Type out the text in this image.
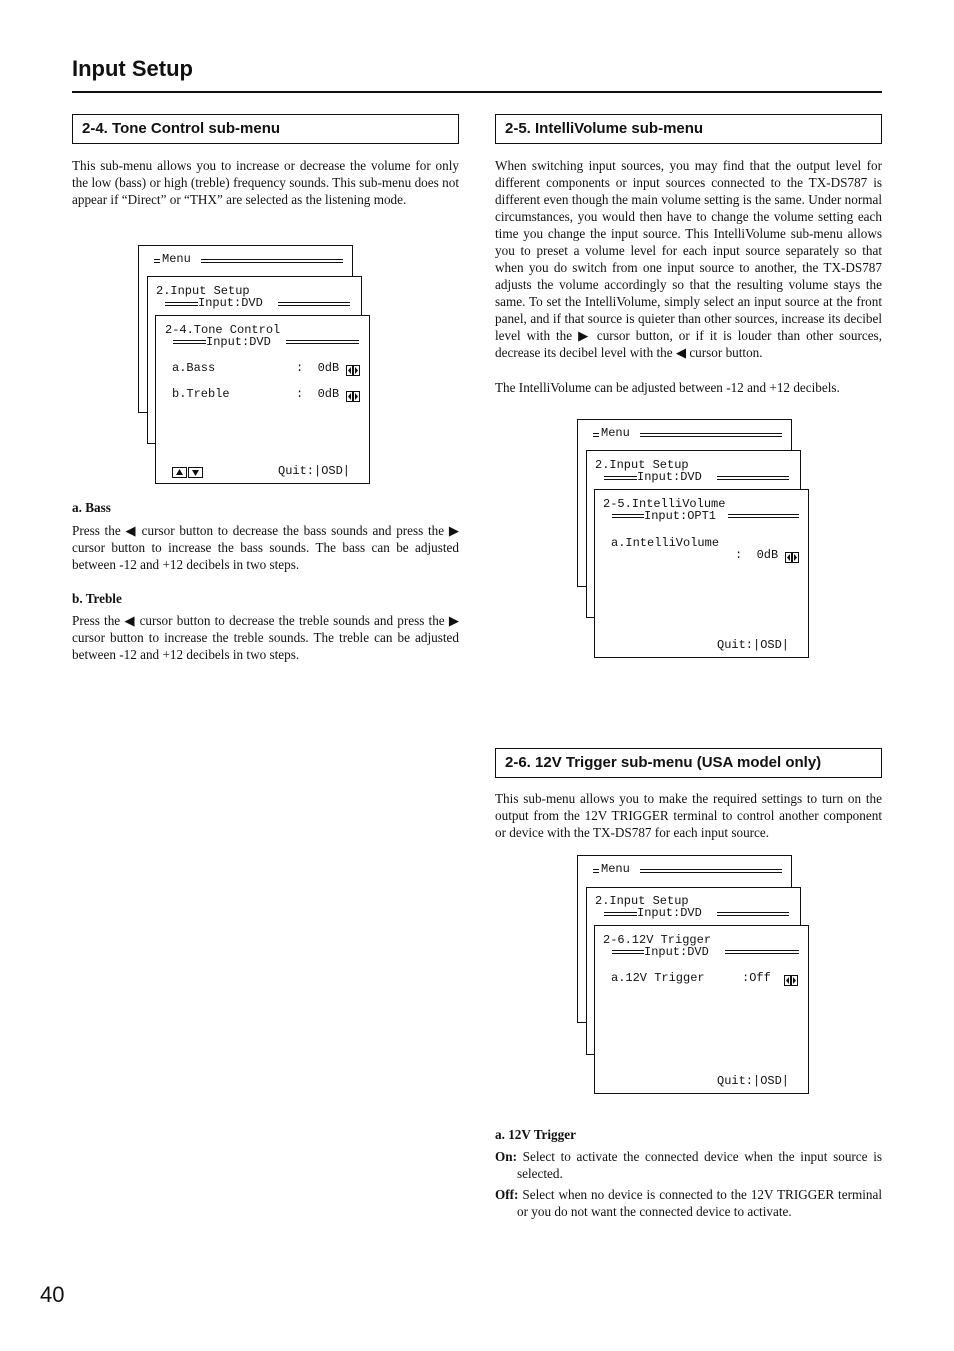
Input Setup
2-4. Tone Control sub-menu

This sub-menu allows you to increase or decrease the volume for only the low (bass) or high (treble) frequency sounds. This sub-menu does not appear if “Direct” or “THX” are selected as the listening mode.

Menu
2.Input Setup
Input:DVD
2-4.Tone Control
Input:DVD
a.Bass	:  0dB
b.Treble	:  0dB
Quit:|OSD|
a. Bass

Press the ◀ cursor button to decrease the bass sounds and press the ▶ cursor button to increase the bass sounds. The bass can be adjusted between -12 and +12 decibels in two steps.

b. Treble

Press the ◀ cursor button to decrease the treble sounds and press the ▶ cursor button to increase the treble sounds. The treble can be adjusted between -12 and +12 decibels in two steps.

2-5. IntelliVolume sub-menu

When switching input sources, you may find that the output level for different components or input sources connected to the TX-DS787 is different even though the main volume setting is the same. Under normal circumstances, you would then have to change the volume setting each time you change the input source. This IntelliVolume sub-menu allows you to preset a volume level for each input source separately so that when you do switch from one input source to another, the TX-DS787 adjusts the volume accordingly so that the resulting volume stays the same. To set the IntelliVolume, simply select an input source at the front panel, and if that source is quieter than other sources, increase its decibel level with the ▶ cursor button, or if it is louder than other sources, decrease its decibel level with the ◀ cursor button.

The IntelliVolume can be adjusted between -12 and +12 decibels.

Menu
2.Input Setup
Input:DVD
2-5.IntelliVolume
Input:OPT1
a.IntelliVolume
:  0dB
Quit:|OSD|
2-6. 12V Trigger sub-menu (USA model only)

This sub-menu allows you to make the required settings to turn on the output from the 12V TRIGGER terminal to control another component or device with the TX-DS787 for each input source.

Menu
2.Input Setup
Input:DVD
2-6.12V Trigger
Input:DVD
a.12V Trigger	:Off
Quit:|OSD|
a. 12V Trigger

On: Select to activate the connected device when the input source is selected.

Off: Select when no device is connected to the 12V TRIGGER terminal or you do not want the connected device to activate.

40
